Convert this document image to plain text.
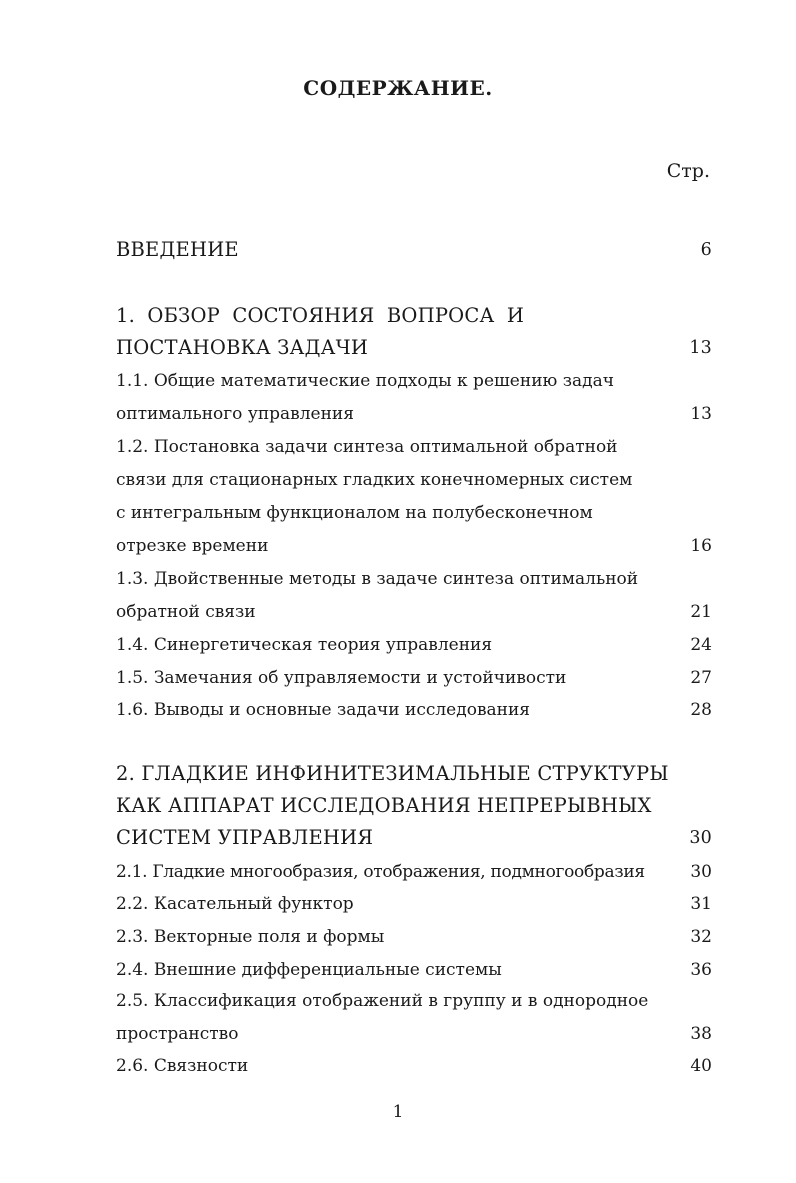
СОДЕРЖАНИЕ.
Стр.
ВВЕДЕНИЕ	6
1. ОБЗОР СОСТОЯНИЯ ВОПРОСА И
ПОСТАНОВКА ЗАДАЧИ	13
1.1. Общие математические подходы к решению задач
оптимального управления	13
1.2. Постановка задачи синтеза оптимальной обратной
связи для стационарных гладких конечномерных систем
с интегральным функционалом на полубесконечном
отрезке времени	16
1.3. Двойственные методы в задаче синтеза оптимальной
обратной связи	21
1.4. Синергетическая теория управления	24
1.5. Замечания об управляемости и устойчивости	27
1.6. Выводы и основные задачи исследования	28
2. ГЛАДКИЕ ИНФИНИТЕЗИМАЛЬНЫЕ СТРУКТУРЫ
КАК АППАРАТ ИССЛЕДОВАНИЯ НЕПРЕРЫВНЫХ
СИСТЕМ УПРАВЛЕНИЯ	30
2.1. Гладкие многообразия, отображения, подмногообразия	30
2.2. Касательный функтор	31
2.3. Векторные поля и формы	32
2.4. Внешние дифференциальные системы	36
2.5. Классификация отображений в группу и в однородное
пространство	38
2.6. Связности	40
1
